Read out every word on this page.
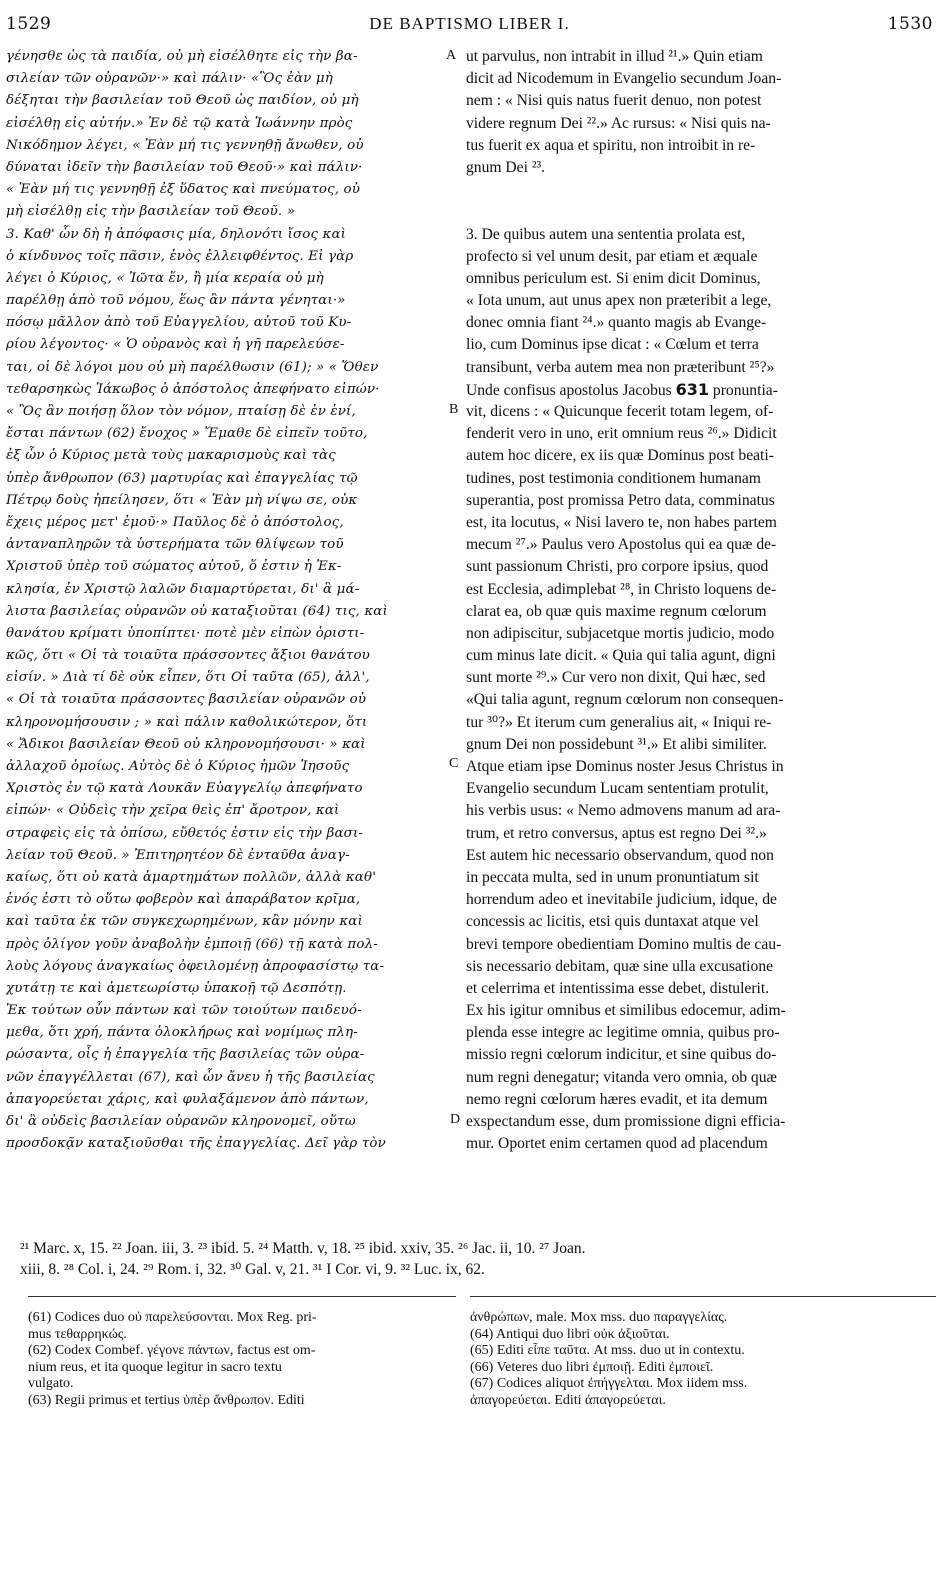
1529	DE BAPTISMO LIBER I.	1530
γένησθε ὡς τὰ παιδία, οὐ μὴ εἰσέλθητε εἰς τὴν βα-
σιλείαν τῶν οὐρανῶν·» καὶ πάλιν· «Ὃς ἐὰν μὴ
δέξηται τὴν βασιλείαν τοῦ Θεοῦ ὡς παιδίον, οὐ μὴ
εἰσέλθῃ εἰς αὐτήν.» Ἐν δὲ τῷ κατὰ Ἰωάννην πρὸς
Νικόδημον λέγει, « Ἐὰν μή τις γεννηθῇ ἄνωθεν, οὐ
δύναται ἰδεῖν τὴν βασιλείαν τοῦ Θεοῦ·» καὶ πάλιν·
« Ἐὰν μή τις γεννηθῇ ἐξ ὕδατος καὶ πνεύματος, οὐ
μὴ εἰσέλθῃ εἰς τὴν βασιλείαν τοῦ Θεοῦ. »
3. Καθ' ὧν δὴ ἡ ἀπόφασις μία, δηλονότι ἴσος καὶ
ὁ κίνδυνος τοῖς πᾶσιν, ἑνὸς ἐλλειφθέντος. Εἰ γὰρ
λέγει ὁ Κύριος, « Ἰῶτα ἕν, ἢ μία κεραία οὐ μὴ
παρέλθῃ ἀπὸ τοῦ νόμου, ἕως ἂν πάντα γένηται·»
πόσῳ μᾶλλον ἀπὸ τοῦ Εὐαγγελίου, αὐτοῦ τοῦ Κυ-
ρίου λέγοντος· « Ὁ οὐρανὸς καὶ ἡ γῆ παρελεύσε-
ται, οἱ δὲ λόγοι μου οὐ μὴ παρέλθωσιν (61); » « Ὅθεν
τεθαρσηκὼς Ἰάκωβος ὁ ἀπόστολος ἀπεφήνατο εἰπών·
« Ὃς ἂν ποιήσῃ ὅλον τὸν νόμον, πταίσῃ δὲ ἐν ἑνί,
ἔσται πάντων (62) ἔνοχος » Ἔμαθε δὲ εἰπεῖν τοῦτο,
ἐξ ὧν ὁ Κύριος μετὰ τοὺς μακαρισμοὺς καὶ τὰς
ὑπὲρ ἄνθρωπον (63) μαρτυρίας καὶ ἐπαγγελίας τῷ
Πέτρῳ δοὺς ἠπείλησεν, ὅτι « Ἐὰν μὴ νίψω σε, οὐκ
ἔχεις μέρος μετ' ἐμοῦ·» Παῦλος δὲ ὁ ἀπόστολος,
ἀνταναπληρῶν τὰ ὑστερήματα τῶν θλίψεων τοῦ
Χριστοῦ ὑπὲρ τοῦ σώματος αὐτοῦ, ὅ ἐστιν ἡ Ἐκ-
κλησία, ἐν Χριστῷ λαλῶν διαμαρτύρεται, δι' ἃ μά-
λιστα βασιλείας οὐρανῶν οὐ καταξιοῦται (64) τις, καὶ
θανάτου κρίματι ὑποπίπτει· ποτὲ μὲν εἰπὼν ὁριστι-
κῶς, ὅτι « Οἱ τὰ τοιαῦτα πράσσοντες ἄξιοι θανάτου
εἰσίν. » Διὰ τί δὲ οὐκ εἶπεν, ὅτι Οἱ ταῦτα (65), ἀλλ',
« Οἱ τὰ τοιαῦτα πράσσοντες βασιλείαν οὐρανῶν οὐ
κληρονομήσουσιν ; » καὶ πάλιν καθολικώτερον, ὅτι
« Ἄδικοι βασιλείαν Θεοῦ οὐ κληρονομήσουσι· » καὶ
ἀλλαχοῦ ὁμοίως. Αὐτὸς δὲ ὁ Κύριος ἡμῶν Ἰησοῦς
Χριστὸς ἐν τῷ κατὰ Λουκᾶν Εὐαγγελίῳ ἀπεφήνατο
εἰπών· « Οὐδεὶς τὴν χεῖρα θεὶς ἐπ' ἄροτρον, καὶ
στραφεὶς εἰς τὰ ὀπίσω, εὔθετός ἐστιν εἰς τὴν βασι-
λείαν τοῦ Θεοῦ. » Ἐπιτηρητέον δὲ ἐνταῦθα ἀναγ-
καίως, ὅτι οὐ κατὰ ἁμαρτημάτων πολλῶν, ἀλλὰ καθ'
ἑνός ἐστι τὸ οὕτω φοβερὸν καὶ ἀπαράβατον κρῖμα,
καὶ ταῦτα ἐκ τῶν συγκεχωρημένων, κἂν μόνην καὶ
πρὸς ὀλίγον γοῦν ἀναβολὴν ἐμποιῇ (66) τῇ κατὰ πολ-
λοὺς λόγους ἀναγκαίως ὀφειλομένῃ ἀπροφασίστῳ τα-
χυτάτῃ τε καὶ ἀμετεωρίστῳ ὑπακοῇ τῷ Δεσπότῃ.
Ἐκ τούτων οὖν πάντων καὶ τῶν τοιούτων παιδευό-
μεθα, ὅτι χρή, πάντα ὁλοκλήρως καὶ νομίμως πλη-
ρώσαντα, οἷς ἡ ἐπαγγελία τῆς βασιλείας τῶν οὐρα-
νῶν ἐπαγγέλλεται (67), καὶ ὧν ἄνευ ἡ τῆς βασιλείας
ἀπαγορεύεται χάρις, καὶ φυλαξάμενον ἀπὸ πάντων,
δι' ἃ οὐδεὶς βασιλείαν οὐρανῶν κληρονομεῖ, οὕτω
προσδοκᾷν καταξιοῦσθαι τῆς ἐπαγγελίας. Δεῖ γὰρ τὸν
ut parvulus, non intrabit in illud ²¹.» Quin etiam
dicit ad Nicodemum in Evangelio secundum Joan-
nem : « Nisi quis natus fuerit denuo, non potest
videre regnum Dei ²².» Ac rursus: « Nisi quis na-
tus fuerit ex aqua et spiritu, non introibit in re-
gnum Dei ²³.
3. De quibus autem una sententia prolata est,
profecto si vel unum desit, par etiam et æquale
omnibus periculum est. Si enim dicit Dominus,
« Iota unum, aut unus apex non præteribit a lege,
donec omnia fiant ²⁴.» quanto magis ab Evange-
lio, cum Dominus ipse dicat : « Cœlum et terra
transibunt, verba autem mea non præteribunt ²⁵?»
Unde confisus apostolus Jacobus 631 pronuntia-
vit, dicens : « Quicunque fecerit totam legem, of-
fenderit vero in uno, erit omnium reus ²⁶.» Didicit
autem hoc dicere, ex iis quæ Dominus post beati-
tudines, post testimonia conditionem humanam
superantia, post promissa Petro data, comminatus
est, ita locutus, « Nisi lavero te, non habes partem
mecum ²⁷.» Paulus vero Apostolus qui ea quæ de-
sunt passionum Christi, pro corpore ipsius, quod
est Ecclesia, adimplebat ²⁸, in Christo loquens de-
clarat ea, ob quæ quis maxime regnum cœlorum
non adipiscitur, subjacetque mortis judicio, modo
cum minus late dicit. « Quia qui talia agunt, digni
sunt morte ²⁹.» Cur vero non dixit, Qui hæc, sed
«Qui talia agunt, regnum cœlorum non consequen-
tur ³⁰?» Et iterum cum generalius ait, « Iniqui re-
gnum Dei non possidebunt ³¹.» Et alibi similiter.
Atque etiam ipse Dominus noster Jesus Christus in
Evangelio secundum Lucam sententiam protulit,
his verbis usus: « Nemo admovens manum ad ara-
trum, et retro conversus, aptus est regno Dei ³².»
Est autem hic necessario observandum, quod non
in peccata multa, sed in unum pronuntiatum sit
horrendum adeo et inevitabile judicium, idque, de
concessis ac licitis, etsi quis duntaxat atque vel
brevi tempore obedientiam Domino multis de cau-
sis necessario debitam, quæ sine ulla excusatione
et celerrima et intentissima esse debet, distulerit.
Ex his igitur omnibus et similibus edocemur, adim-
plenda esse integre ac legitime omnia, quibus pro-
missio regni cœlorum indicitur, et sine quibus do-
num regni denegatur; vitanda vero omnia, ob quæ
nemo regni cœlorum hæres evadit, et ita demum
exspectandum esse, dum promissione digni efficia-
mur. Oportet enim certamen quod ad placendum
A
B
C
D
²¹ Marc. x, 15. ²² Joan. iii, 3. ²³ ibid. 5. ²⁴ Matth. v, 18. ²⁵ ibid. xxiv, 35. ²⁶ Jac. ii, 10. ²⁷ Joan.
xiii, 8. ²⁸ Col. i, 24. ²⁹ Rom. i, 32. ³⁰ Gal. v, 21. ³¹ I Cor. vi, 9. ³² Luc. ix, 62.
(61) Codices duo οὐ παρελεύσονται. Mox Reg. pri-
mus τεθαρρηκώς.
(62) Codex Combef. γέγονε πάντων, factus est om-
nium reus, et ita quoque legitur in sacro textu
vulgato.
(63) Regii primus et tertius ὑπὲρ ἄνθρωπον. Editi
ἀνθρώπων, male. Mox mss. duo παραγγελίας.
(64) Antiqui duo libri οὐκ ἀξιοῦται.
(65) Editi εἶπε ταῦτα. At mss. duo ut in contextu.
(66) Veteres duo libri ἐμποιῇ. Editi ἐμποιεῖ.
(67) Codices aliquot ἐπήγγελται. Mox iidem mss.
ἀπαγορεύεται. Editi ἀπαγορεύεται.
